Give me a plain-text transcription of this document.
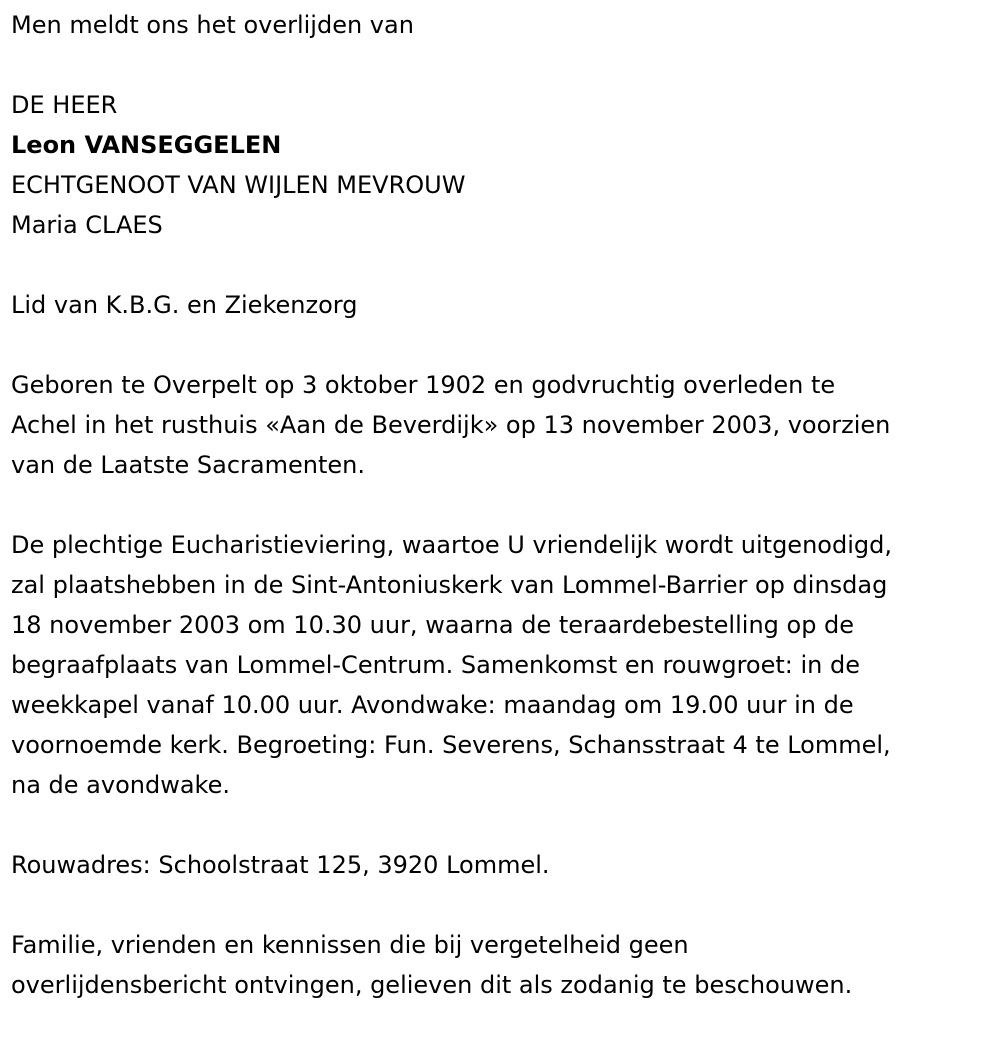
Men meldt ons het overlijden van

DE HEER

Leon VANSEGGELEN

ECHTGENOOT VAN WIJLEN MEVROUW

Maria CLAES

Lid van K.B.G. en Ziekenzorg

Geboren te Overpelt op 3 oktober 1902 en godvruchtig overleden te
Achel in het rusthuis «Aan de Beverdijk» op 13 november 2003, voorzien
van de Laatste Sacramenten.
De plechtige Eucharistieviering, waartoe U vriendelijk wordt uitgenodigd,
zal plaatshebben in de Sint-Antoniuskerk van Lommel-Barrier op dinsdag
18 november 2003 om 10.30 uur, waarna de teraardebestelling op de
begraafplaats van Lommel-Centrum. Samenkomst en rouwgroet: in de
weekkapel vanaf 10.00 uur. Avondwake: maandag om 19.00 uur in de
voornoemde kerk. Begroeting: Fun. Severens, Schansstraat 4 te Lommel,
na de avondwake.

Rouwadres: Schoolstraat 125, 3920 Lommel.

Familie, vrienden en kennissen die bij vergetelheid geen
overlijdensbericht ontvingen, gelieven dit als zodanig te beschouwen.
